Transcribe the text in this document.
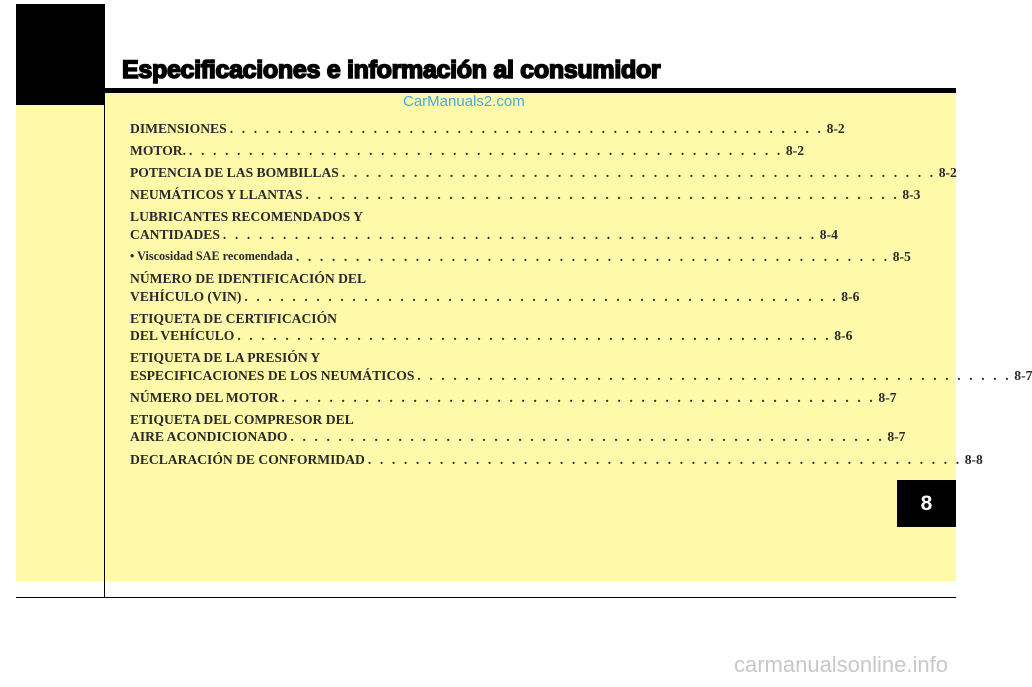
Especificaciones e información al consumidor
CarManuals2.com
DIMENSIONES . . . . . . . . . . . . . . . . . . . . . . . . . . . . . . . . . . . . . . . . . . . . . . . . . . 8-2
MOTOR. . . . . . . . . . . . . . . . . . . . . . . . . . . . . . . . . . . . . . . . . . . . . . . . . . . 8-2
POTENCIA DE LAS BOMBILLAS . . . . . . . . . . . . . . . . . . . . . . . . . . . . . . . . . . . . . . . . . . . . . . . . . . 8-2
NEUMÁTICOS Y LLANTAS . . . . . . . . . . . . . . . . . . . . . . . . . . . . . . . . . . . . . . . . . . . . . . . . . . 8-3
LUBRICANTES RECOMENDADOS Y
CANTIDADES . . . . . . . . . . . . . . . . . . . . . . . . . . . . . . . . . . . . . . . . . . . . . . . . . . 8-4
• Viscosidad SAE recomendada . . . . . . . . . . . . . . . . . . . . . . . . . . . . . . . . . . . . . . . . . . . . . . . . . . 8-5
NÚMERO DE IDENTIFICACIÓN DEL
VEHÍCULO (VIN) . . . . . . . . . . . . . . . . . . . . . . . . . . . . . . . . . . . . . . . . . . . . . . . . . . 8-6
ETIQUETA DE CERTIFICACIÓN
DEL VEHÍCULO . . . . . . . . . . . . . . . . . . . . . . . . . . . . . . . . . . . . . . . . . . . . . . . . . . 8-6
ETIQUETA DE LA PRESIÓN Y
ESPECIFICACIONES DE LOS NEUMÁTICOS . . . . . . . . . . . . . . . . . . . . . . . . . . . . . . . . . . . . . . . . . . . . . . . . . . 8-7
NÚMERO DEL MOTOR . . . . . . . . . . . . . . . . . . . . . . . . . . . . . . . . . . . . . . . . . . . . . . . . . . 8-7
ETIQUETA DEL COMPRESOR DEL
AIRE ACONDICIONADO . . . . . . . . . . . . . . . . . . . . . . . . . . . . . . . . . . . . . . . . . . . . . . . . . . 8-7
DECLARACIÓN DE CONFORMIDAD . . . . . . . . . . . . . . . . . . . . . . . . . . . . . . . . . . . . . . . . . . . . . . . . . . 8-8
8
carmanualsonline.info
